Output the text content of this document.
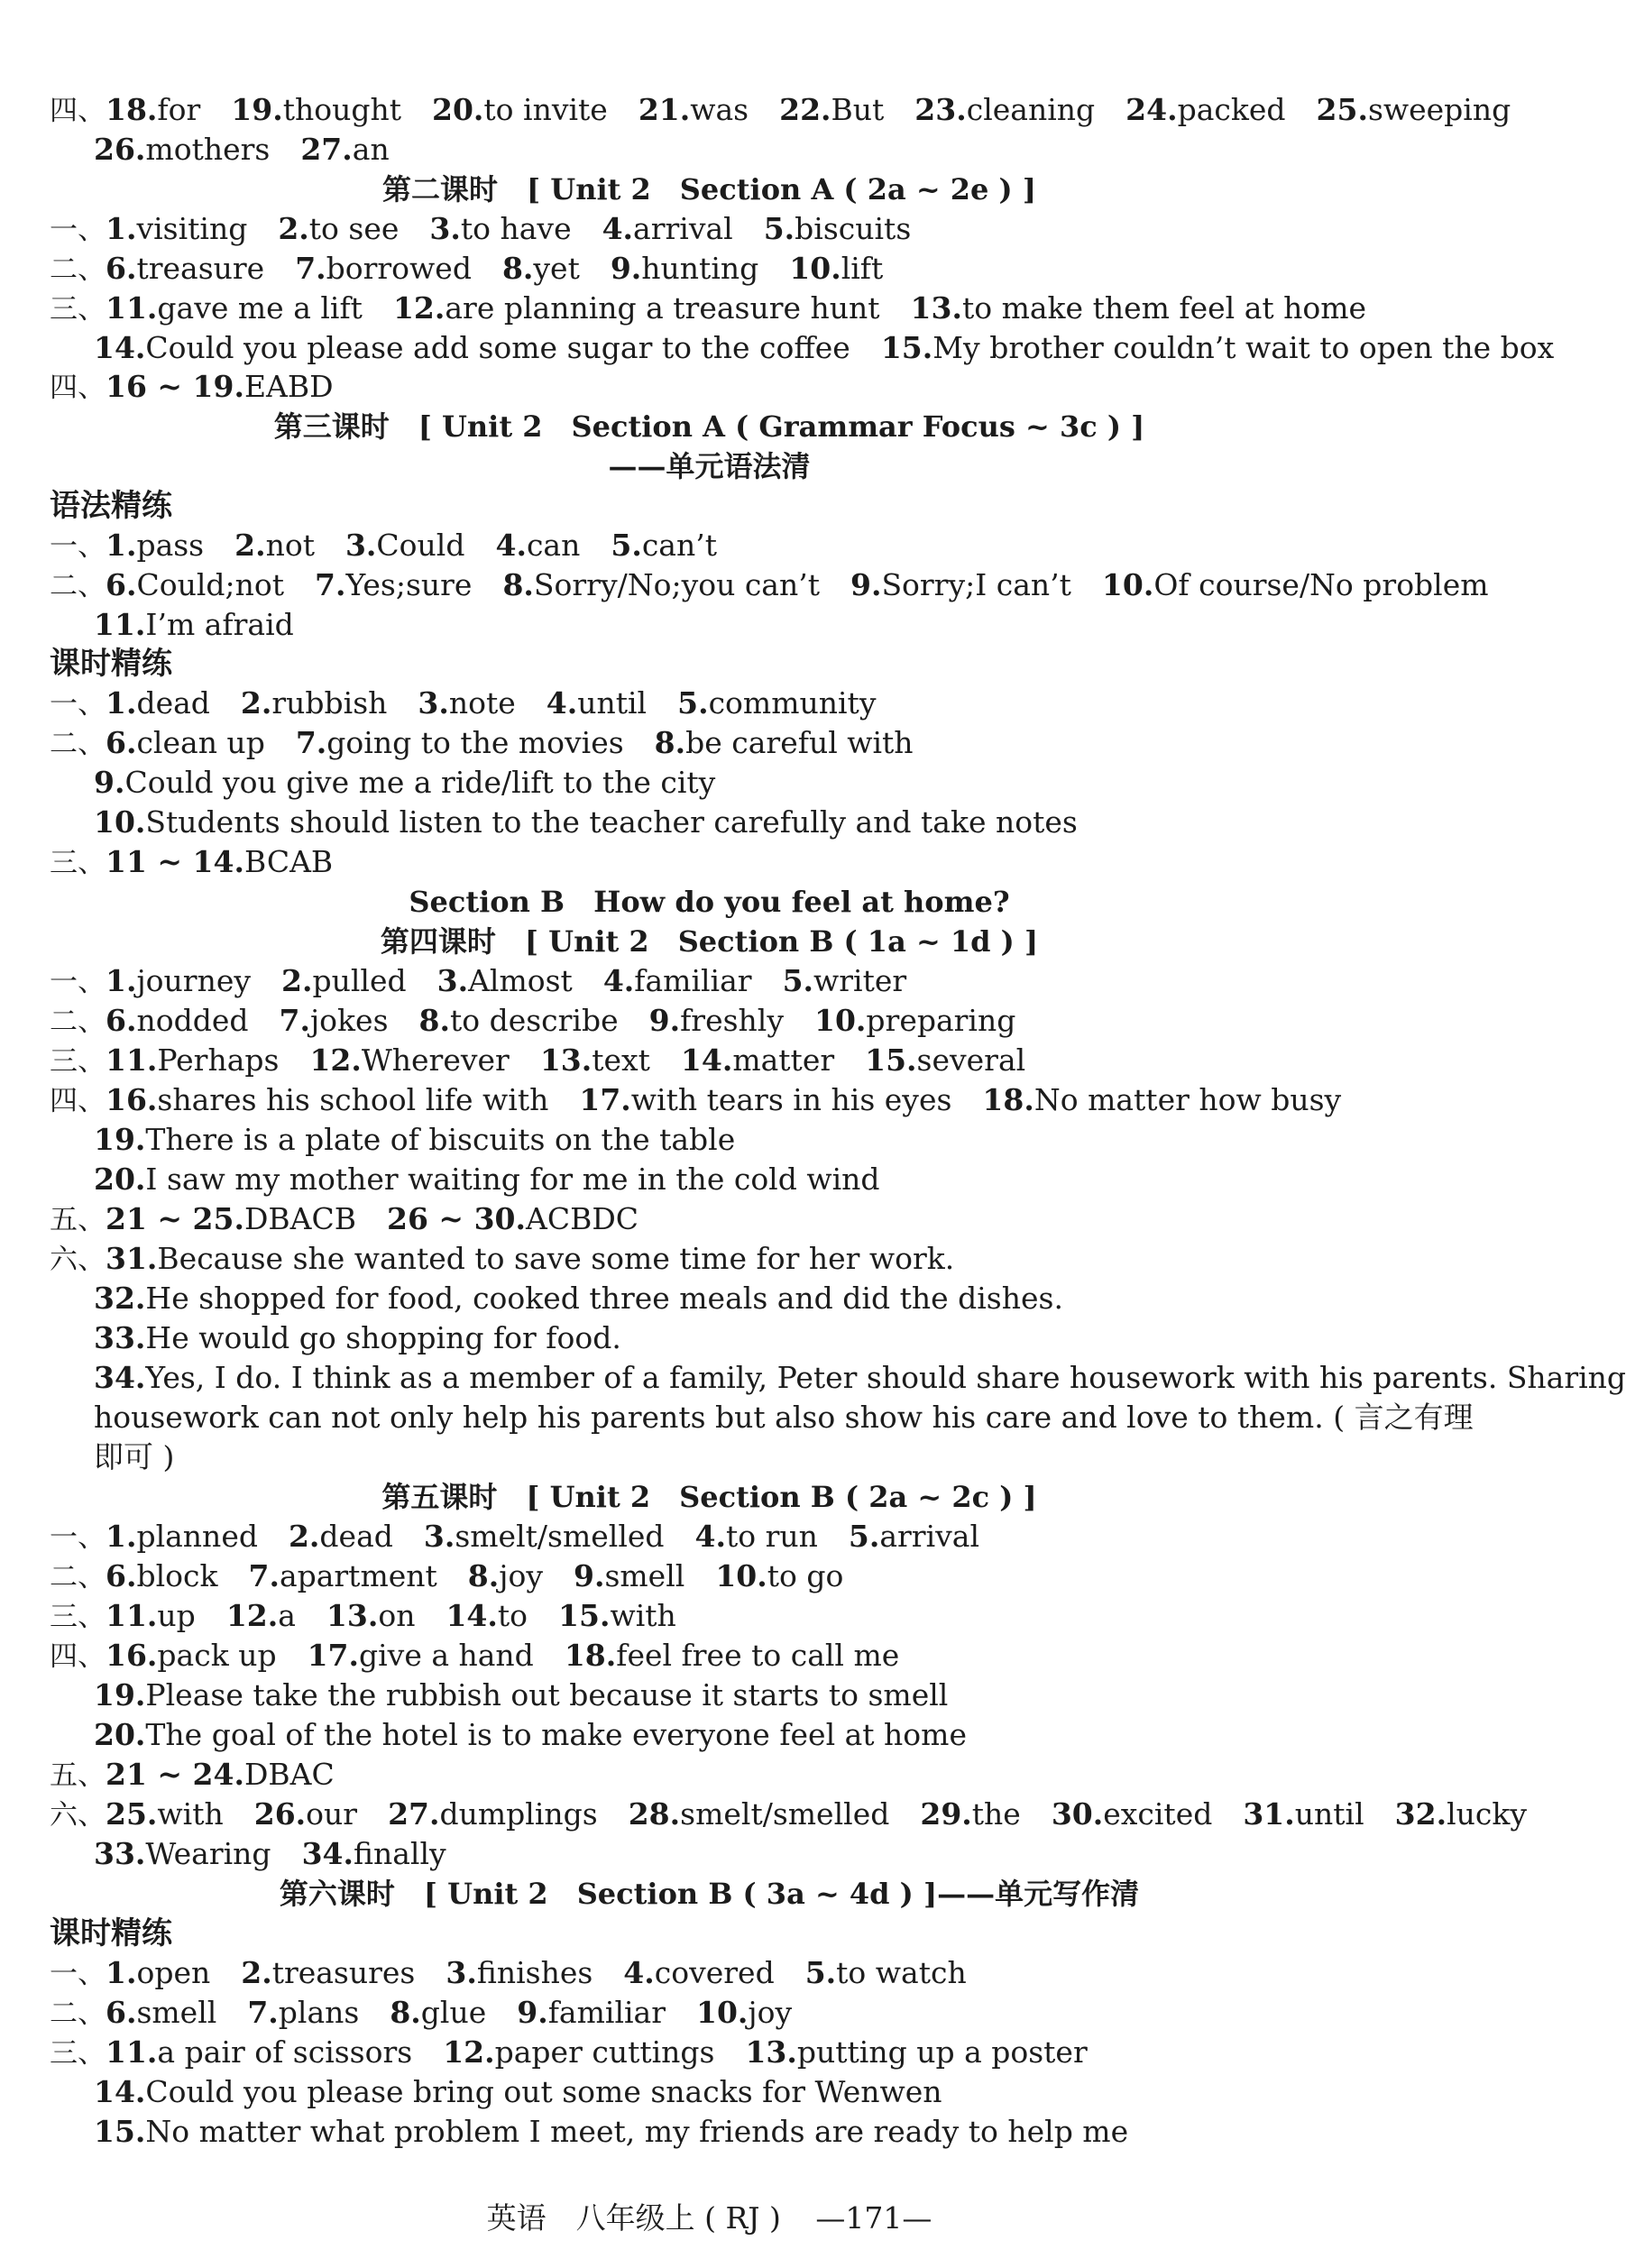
四、18.for 19.thought 20.to invite 21.was 22.But 23.cleaning 24.packed 25.sweeping
26.mothers 27.an
第二课时　[ Unit 2　Section A ( 2a ~ 2e ) ]
一、1.visiting 2.to see 3.to have 4.arrival 5.biscuits
二、6.treasure 7.borrowed 8.yet 9.hunting 10.lift
三、11.gave me a lift 12.are planning a treasure hunt 13.to make them feel at home
14.Could you please add some sugar to the coffee 15.My brother couldn’t wait to open the box
四、16 ~ 19.EABD
第三课时　[ Unit 2　Section A ( Grammar Focus ~ 3c ) ]
——单元语法清
语法精练
一、1.pass 2.not 3.Could 4.can 5.can’t
二、6.Could;not 7.Yes;sure 8.Sorry/No;you can’t 9.Sorry;I can’t 10.Of course/No problem
11.I’m afraid
课时精练
一、1.dead 2.rubbish 3.note 4.until 5.community
二、6.clean up 7.going to the movies 8.be careful with
9.Could you give me a ride/lift to the city
10.Students should listen to the teacher carefully and take notes
三、11 ~ 14.BCAB
Section B　How do you feel at home?
第四课时　[ Unit 2　Section B ( 1a ~ 1d ) ]
一、1.journey 2.pulled 3.Almost 4.familiar 5.writer
二、6.nodded 7.jokes 8.to describe 9.freshly 10.preparing
三、11.Perhaps 12.Wherever 13.text 14.matter 15.several
四、16.shares his school life with 17.with tears in his eyes 18.No matter how busy
19.There is a plate of biscuits on the table
20.I saw my mother waiting for me in the cold wind
五、21 ~ 25.DBACB 26 ~ 30.ACBDC
六、31.Because she wanted to save some time for her work.
32.He shopped for food, cooked three meals and did the dishes.
33.He would go shopping for food.
34.Yes, I do. I think as a member of a family, Peter should share housework with his parents. Sharing
housework can not only help his parents but also show his care and love to them. ( 言之有理
即可 )
第五课时　[ Unit 2　Section B ( 2a ~ 2c ) ]
一、1.planned 2.dead 3.smelt/smelled 4.to run 5.arrival
二、6.block 7.apartment 8.joy 9.smell 10.to go
三、11.up 12.a 13.on 14.to 15.with
四、16.pack up 17.give a hand 18.feel free to call me
19.Please take the rubbish out because it starts to smell
20.The goal of the hotel is to make everyone feel at home
五、21 ~ 24.DBAC
六、25.with 26.our 27.dumplings 28.smelt/smelled 29.the 30.excited 31.until 32.lucky
33.Wearing 34.finally
第六课时　[ Unit 2　Section B ( 3a ~ 4d ) ]——单元写作清
课时精练
一、1.open 2.treasures 3.finishes 4.covered 5.to watch
二、6.smell 7.plans 8.glue 9.familiar 10.joy
三、11.a pair of scissors 12.paper cuttings 13.putting up a poster
14.Could you please bring out some snacks for Wenwen
15.No matter what problem I meet, my friends are ready to help me
英语　八年级上 ( RJ ) —171—
